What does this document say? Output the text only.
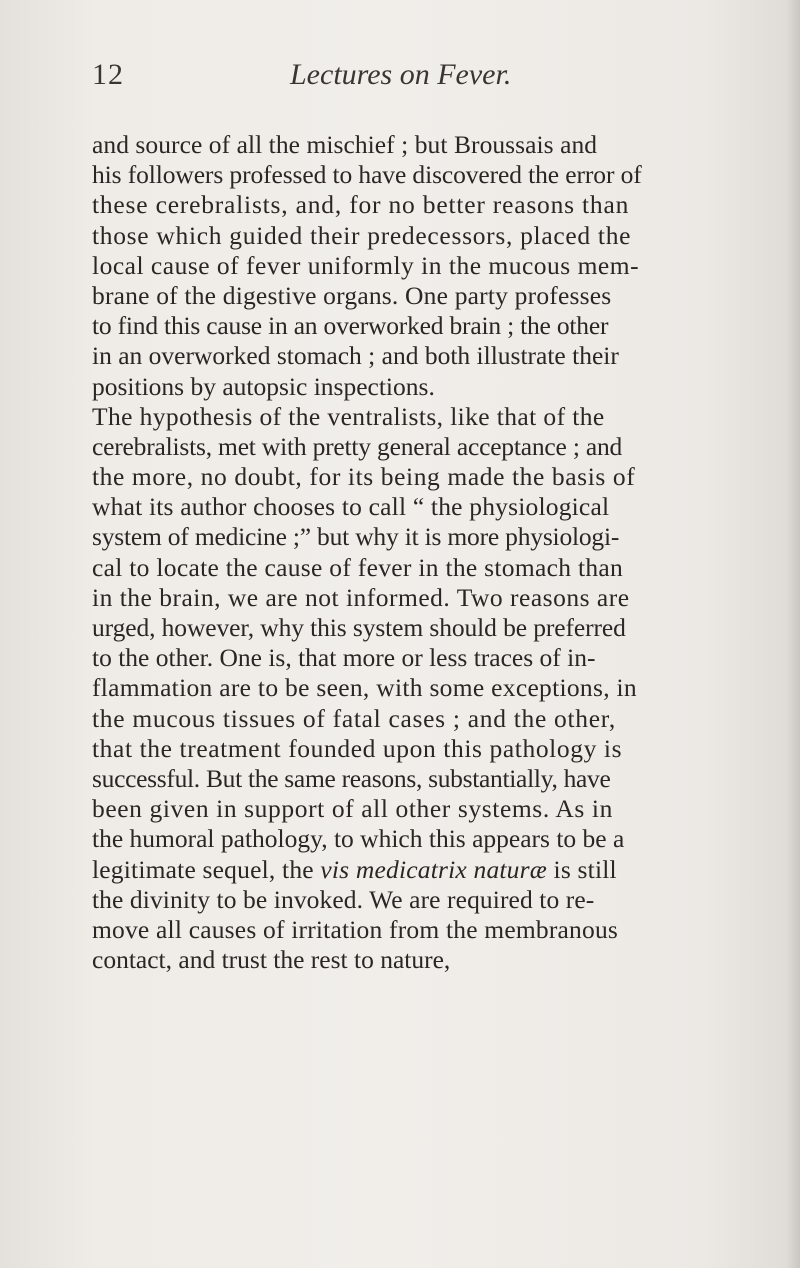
12	Lectures on Fever.
and source of all the mischief ; but Broussais and
his followers professed to have discovered the error of
these cerebralists, and, for no better reasons than
those which guided their predecessors, placed the
local cause of fever uniformly in the mucous mem-
brane of the digestive organs. One party professes
to find this cause in an overworked brain ; the other
in an overworked stomach ; and both illustrate their
positions by autopsic inspections.
The hypothesis of the ventralists, like that of the
cerebralists, met with pretty general acceptance ; and
the more, no doubt, for its being made the basis of
what its author chooses to call “ the physiological
system of medicine ;” but why it is more physiologi-
cal to locate the cause of fever in the stomach than
in the brain, we are not informed. Two reasons are
urged, however, why this system should be preferred
to the other. One is, that more or less traces of in-
flammation are to be seen, with some exceptions, in
the mucous tissues of fatal cases ; and the other,
that the treatment founded upon this pathology is
successful. But the same reasons, substantially, have
been given in support of all other systems. As in
the humoral pathology, to which this appears to be a
legitimate sequel, the vis medicatrix naturæ is still
the divinity to be invoked. We are required to re-
move all causes of irritation from the membranous
contact, and trust the rest to nature,
